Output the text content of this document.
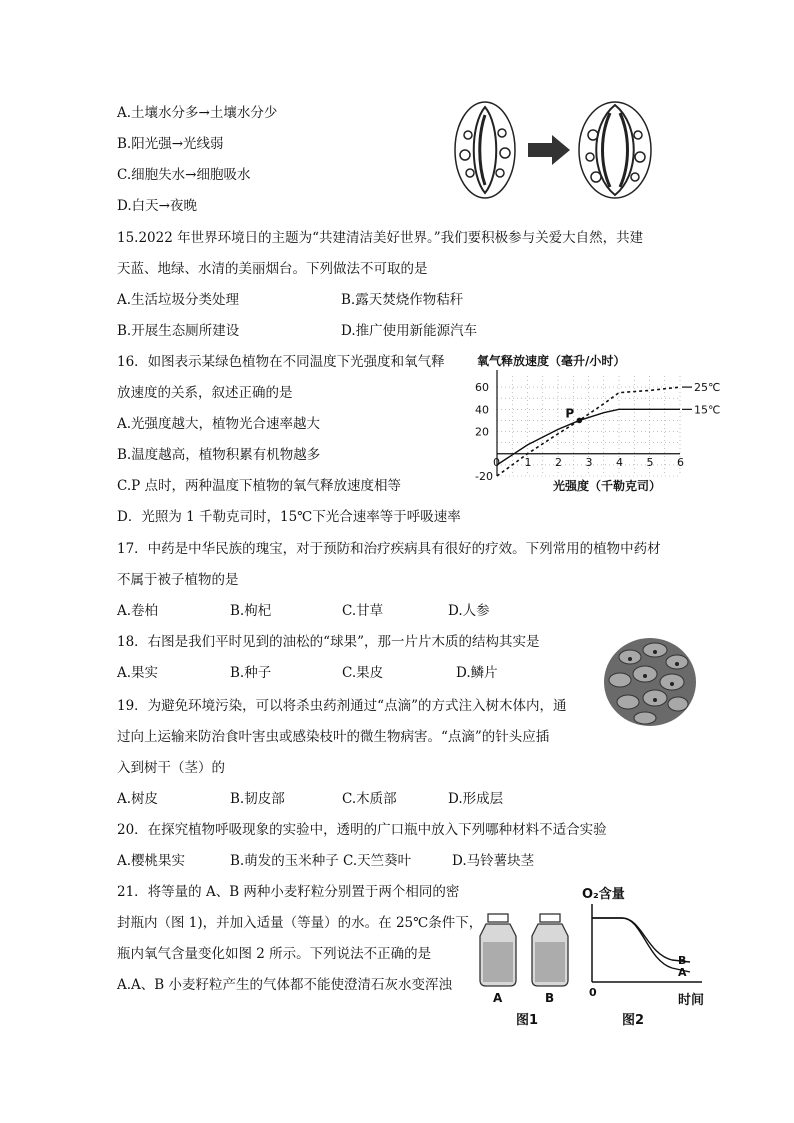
A.土壤水分多→土壤水分少
B.阳光强→光线弱
C.细胞失水→细胞吸水
D.白天→夜晚
15.2022 年世界环境日的主题为“共建清洁美好世界。”我们要积极参与关爱大自然，共建
天蓝、地绿、水清的美丽烟台。下列做法不可取的是
A.生活垃圾分类处理	B.露天焚烧作物秸秆
B.开展生态厕所建设	D.推广使用新能源汽车
16．如图表示某绿色植物在不同温度下光强度和氧气释
放速度的关系，叙述正确的是
A.光强度越大，植物光合速率越大
B.温度越高，植物积累有机物越多
C.P 点时，两种温度下植物的氧气释放速度相等
D．光照为 1 千勒克司时，15℃下光合速率等于呼吸速率
氧气释放速度（毫升/小时）
1 2 3 4 5 6
0
60
40
20
-20
P
25℃
15℃
光强度（千勒克司）
17．中药是中华民族的瑰宝，对于预防和治疗疾病具有很好的疗效。下列常用的植物中药材
不属于被子植物的是
A.卷柏	B.枸杞	C.甘草	D.人参
18．右图是我们平时见到的油松的“球果”，那一片片木质的结构其实是
A.果实	B.种子	C.果皮	D.鳞片
19．为避免环境污染，可以将杀虫药剂通过“点滴”的方式注入树木体内，通
过向上运输来防治食叶害虫或感染枝叶的微生物病害。“点滴”的针头应插
入到树干（茎）的
A.树皮	B.韧皮部	C.木质部	D.形成层
20．在探究植物呼吸现象的实验中，透明的广口瓶中放入下列哪种材料不适合实验
A.樱桃果实	B.萌发的玉米种子 C.天竺葵叶	D.马铃薯块茎
21．将等量的 A、B 两种小麦籽粒分别置于两个相同的密
封瓶内（图 1)，并加入适量（等量）的水。在 25℃条件下，
瓶内氧气含量变化如图 2 所示。下列说法不正确的是
A.A、B 小麦籽粒产生的气体都不能使澄清石灰水变浑浊
A	B
图1
O₂含量
B
A
0
时间
图2
